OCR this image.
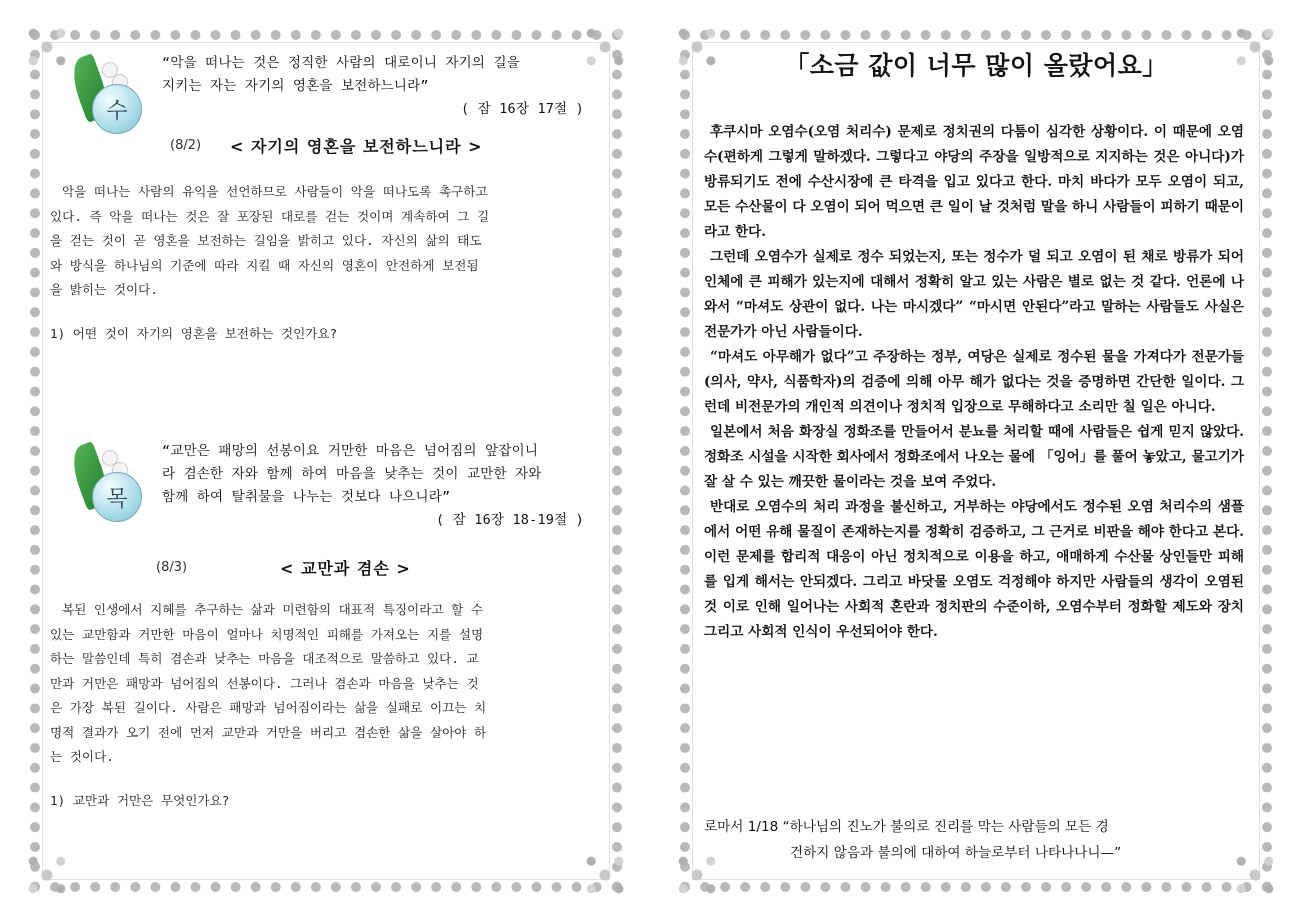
수
“악을 떠나는 것은 정직한 사람의 대로이니 자기의 길을
지키는 자는 자기의 영혼을 보전하느니라”
( 잠 16장 17절 )
(8/2) < 자기의 영혼을 보전하느니라 >
악을 떠나는 사람의 유익을 선언하므로 사람들이 악을 떠나도록 촉구하고
있다. 즉 악을 떠나는 것은 잘 포장된 대로를 걷는 것이며 계속하여 그 길
을 걷는 것이 곧 영혼을 보전하는 길임을 밝히고 있다. 자신의 삶의 태도
와 방식을 하나님의 기준에 따라 지킬 때 자신의 영혼이 안전하게 보전됨
을 밝히는 것이다.
1) 어떤 것이 자기의 영혼을 보전하는 것인가요?
목
“교만은 패망의 선봉이요 거만한 마음은 넘어짐의 앞잡이니
라 겸손한 자와 함께 하여 마음을 낮추는 것이 교만한 자와
함께 하여 탈취물을 나누는 것보다 나으니라”
( 잠 16장 18-19절 )
(8/3)	< 교만과 겸손 >
복된 인생에서 지혜를 추구하는 삶과 미련함의 대표적 특징이라고 할 수
있는 교만함과 거만한 마음이 얼마나 치명적인 피해를 가져오는 지를 설명
하는 말씀인데 특히 겸손과 낮추는 마음을 대조적으로 말씀하고 있다. 교
만과 거만은 패망과 넘어짐의 선봉이다. 그러나 겸손과 마음을 낮추는 것
은 가장 복된 길이다. 사람은 패망과 넘어짐이라는 삶을 실패로 이끄는 치
명적 결과가 오기 전에 먼저 교만과 거만을 버리고 겸손한 삶을 살아야 하
는 것이다.
1) 교만과 거만은 무엇인가요?
「소금 값이 너무 많이 올랐어요」

후쿠시마 오염수(오염 처리수) 문제로 정치권의 다툼이 심각한 상황이다. 이 때문에 오염수(편하게 그렇게 말하겠다. 그렇다고 야당의 주장을 일방적으로 지지하는 것은 아니다)가 방류되기도 전에 수산시장에 큰 타격을 입고 있다고 한다. 마치 바다가 모두 오염이 되고, 모든 수산물이 다 오염이 되어 먹으면 큰 일이 날 것처럼 말을 하니 사람들이 피하기 때문이라고 한다.

그런데 오염수가 실제로 정수 되었는지, 또는 정수가 덜 되고 오염이 된 채로 방류가 되어 인체에 큰 피해가 있는지에 대해서 정확히 알고 있는 사람은 별로 없는 것 같다. 언론에 나와서 “마셔도 상관이 없다. 나는 마시겠다” “마시면 안된다”라고 말하는 사람들도 사실은 전문가가 아닌 사람들이다.

“마셔도 아무해가 없다”고 주장하는 정부, 여당은 실제로 정수된 물을 가져다가 전문가들(의사, 약사, 식품학자)의 검증에 의해 아무 해가 없다는 것을 증명하면 간단한 일이다. 그런데 비전문가의 개인적 의견이나 정치적 입장으로 무해하다고 소리만 칠 일은 아니다.

일본에서 처음 화장실 정화조를 만들어서 분뇨를 처리할 때에 사람들은 쉽게 믿지 않았다. 정화조 시설을 시작한 회사에서 정화조에서 나오는 물에 「잉어」를 풀어 놓았고, 물고기가 잘 살 수 있는 깨끗한 물이라는 것을 보여 주었다.

반대로 오염수의 처리 과정을 불신하고, 거부하는 야당에서도 정수된 오염 처리수의 샘플에서 어떤 유해 물질이 존재하는지를 정확히 검증하고, 그 근거로 비판을 해야 한다고 본다. 이런 문제를 합리적 대응이 아닌 정치적으로 이용을 하고, 애매하게 수산물 상인들만 피해를 입게 해서는 안되겠다. 그리고 바닷물 오염도 걱정해야 하지만 사람들의 생각이 오염된 것 이로 인해 일어나는 사회적 혼란과 정치판의 수준이하, 오염수부터 정화할 제도와 장치 그리고 사회적 인식이 우선되어야 한다.

로마서 1/18 “하나님의 진노가 불의로 진리를 막는 사람들의 모든 경
건하지 않음과 불의에 대하여 하늘로부터 나타나나니—”
